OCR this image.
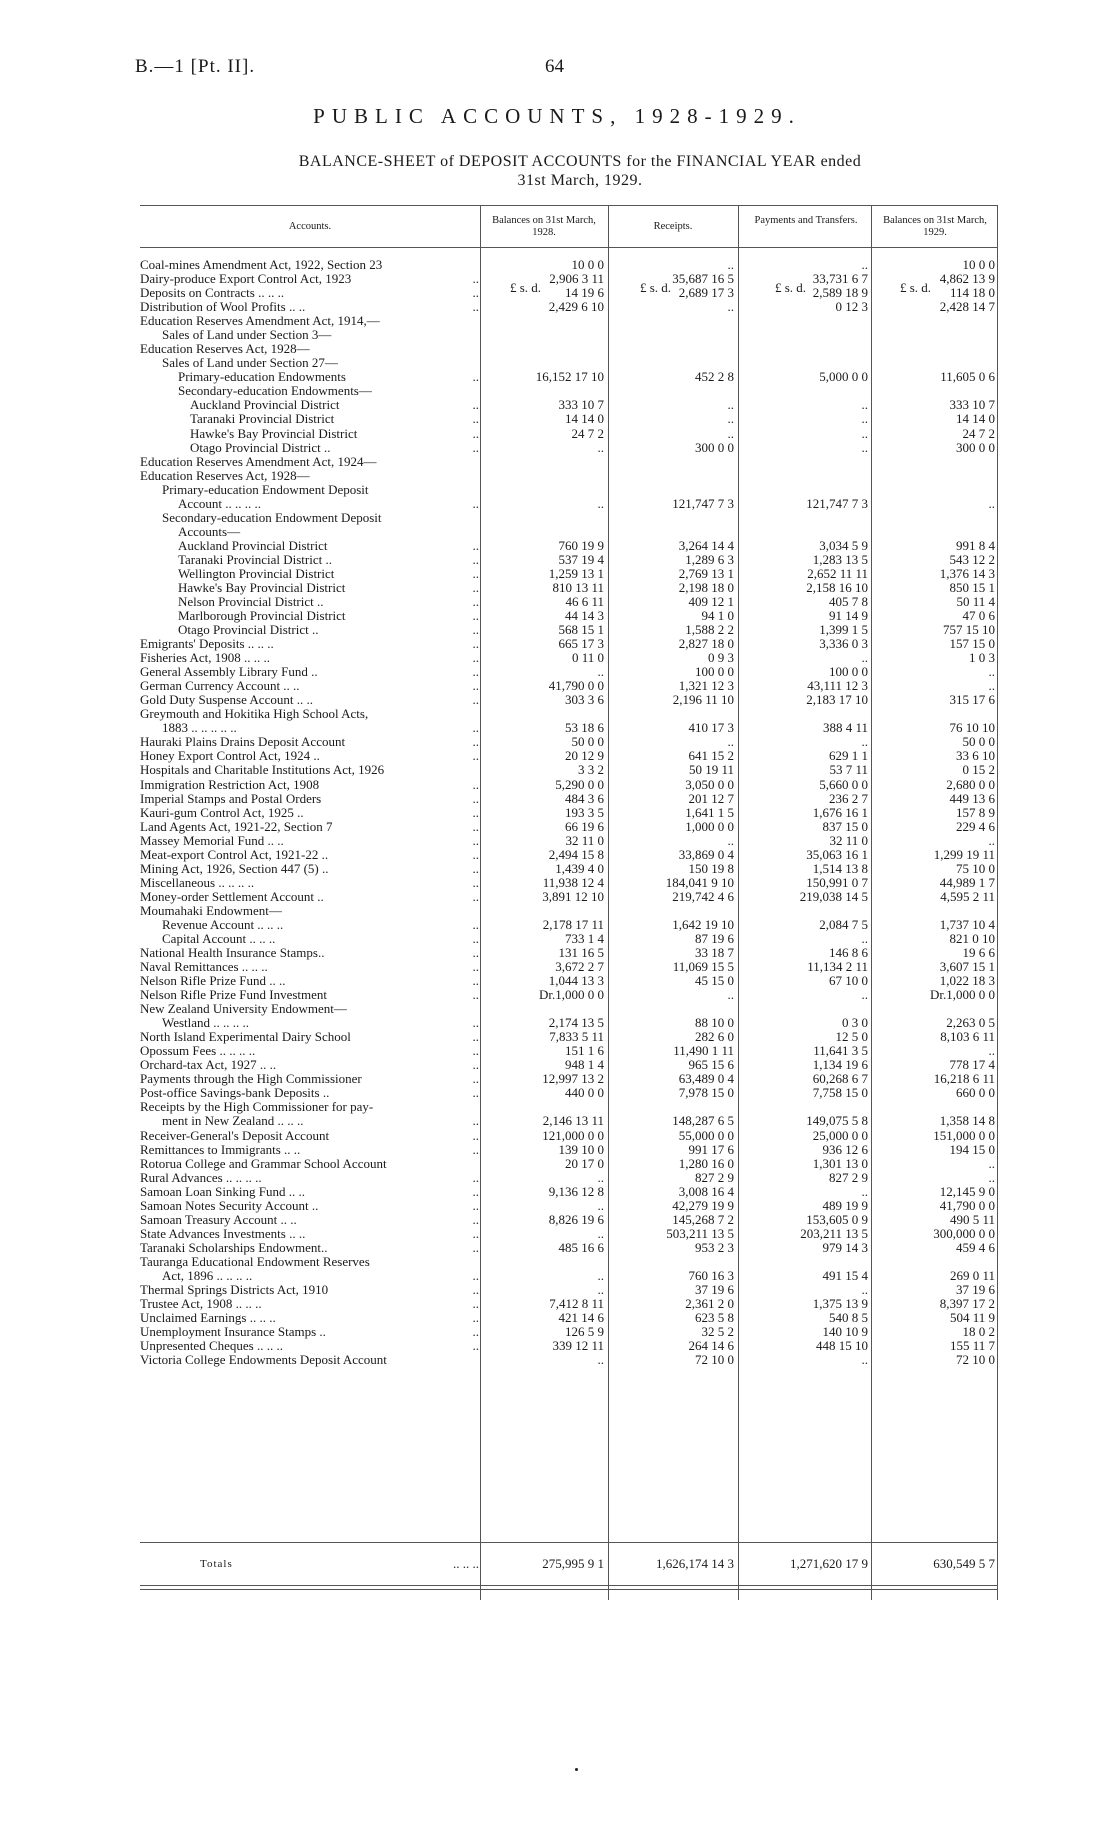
B.—1 [Pt. II].	64
PUBLIC ACCOUNTS, 1928-1929.
BALANCE-SHEET of DEPOSIT ACCOUNTS for the FINANCIAL YEAR ended
31st March, 1929.
Accounts.
Balances on 31st March, 1928.
Receipts.
Payments and Transfers.	Balances on 31st March, 1929.
£ s. d.	£ s. d.	£ s. d.	£ s. d.
Coal-mines Amendment Act, 1922, Section 23	10 0 0	..	..	10 0 0
Dairy-produce Export Control Act, 1923	..	2,906 3 11	35,687 16 5	33,731 6 7	4,862 13 9
Deposits on Contracts .. .. ..	..	14 19 6	2,689 17 3	2,589 18 9	114 18 0
Distribution of Wool Profits .. ..	..	2,429 6 10	..	0 12 3	2,428 14 7
Education Reserves Amendment Act, 1914,—
Sales of Land under Section 3—
Education Reserves Act, 1928—
Sales of Land under Section 27—
Primary-education Endowments	..	16,152 17 10	452 2 8	5,000 0 0	11,605 0 6
Secondary-education Endowments—
Auckland Provincial District	..	333 10 7	..	..	333 10 7
Taranaki Provincial District	..	14 14 0	..	..	14 14 0
Hawke's Bay Provincial District	..	24 7 2	..	..	24 7 2
Otago Provincial District ..	..	..	300 0 0	..	300 0 0
Education Reserves Amendment Act, 1924—
Education Reserves Act, 1928—
Primary-education Endowment Deposit
Account .. .. .. ..	..	..	121,747 7 3	121,747 7 3	..
Secondary-education Endowment Deposit
Accounts—
Auckland Provincial District	..	760 19 9	3,264 14 4	3,034 5 9	991 8 4
Taranaki Provincial District ..	..	537 19 4	1,289 6 3	1,283 13 5	543 12 2
Wellington Provincial District	..	1,259 13 1	2,769 13 1	2,652 11 11	1,376 14 3
Hawke's Bay Provincial District	..	810 13 11	2,198 18 0	2,158 16 10	850 15 1
Nelson Provincial District ..	..	46 6 11	409 12 1	405 7 8	50 11 4
Marlborough Provincial District	..	44 14 3	94 1 0	91 14 9	47 0 6
Otago Provincial District ..	..	568 15 1	1,588 2 2	1,399 1 5	757 15 10
Emigrants' Deposits .. .. ..	..	665 17 3	2,827 18 0	3,336 0 3	157 15 0
Fisheries Act, 1908 .. .. ..	..	0 11 0	0 9 3	..	1 0 3
General Assembly Library Fund ..	..	..	100 0 0	100 0 0	..
German Currency Account .. ..	..	41,790 0 0	1,321 12 3	43,111 12 3	..
Gold Duty Suspense Account .. ..	..	303 3 6	2,196 11 10	2,183 17 10	315 17 6
Greymouth and Hokitika High School Acts,
1883 .. .. .. .. ..	..	53 18 6	410 17 3	388 4 11	76 10 10
Hauraki Plains Drains Deposit Account	..	50 0 0	..	..	50 0 0
Honey Export Control Act, 1924 ..	..	20 12 9	641 15 2	629 1 1	33 6 10
Hospitals and Charitable Institutions Act, 1926	3 3 2	50 19 11	53 7 11	0 15 2
Immigration Restriction Act, 1908	..	5,290 0 0	3,050 0 0	5,660 0 0	2,680 0 0
Imperial Stamps and Postal Orders	..	484 3 6	201 12 7	236 2 7	449 13 6
Kauri-gum Control Act, 1925 ..	..	193 3 5	1,641 1 5	1,676 16 1	157 8 9
Land Agents Act, 1921-22, Section 7	..	66 19 6	1,000 0 0	837 15 0	229 4 6
Massey Memorial Fund .. ..	..	32 11 0	..	32 11 0	..
Meat-export Control Act, 1921-22 ..	..	2,494 15 8	33,869 0 4	35,063 16 1	1,299 19 11
Mining Act, 1926, Section 447 (5) ..	..	1,439 4 0	150 19 8	1,514 13 8	75 10 0
Miscellaneous .. .. .. ..	..	11,938 12 4	184,041 9 10	150,991 0 7	44,989 1 7
Money-order Settlement Account ..	..	3,891 12 10	219,742 4 6	219,038 14 5	4,595 2 11
Moumahaki Endowment—
Revenue Account .. .. ..	..	2,178 17 11	1,642 19 10	2,084 7 5	1,737 10 4
Capital Account .. .. ..	..	733 1 4	87 19 6	..	821 0 10
National Health Insurance Stamps..	..	131 16 5	33 18 7	146 8 6	19 6 6
Naval Remittances .. .. ..	..	3,672 2 7	11,069 15 5	11,134 2 11	3,607 15 1
Nelson Rifle Prize Fund .. ..	..	1,044 13 3	45 15 0	67 10 0	1,022 18 3
Nelson Rifle Prize Fund Investment	..	Dr.1,000 0 0	..	..	Dr.1,000 0 0
New Zealand University Endowment—
Westland .. .. .. ..	..	2,174 13 5	88 10 0	0 3 0	2,263 0 5
North Island Experimental Dairy School	..	7,833 5 11	282 6 0	12 5 0	8,103 6 11
Opossum Fees .. .. .. ..	..	151 1 6	11,490 1 11	11,641 3 5	..
Orchard-tax Act, 1927 .. ..	..	948 1 4	965 15 6	1,134 19 6	778 17 4
Payments through the High Commissioner	..	12,997 13 2	63,489 0 4	60,268 6 7	16,218 6 11
Post-office Savings-bank Deposits ..	..	440 0 0	7,978 15 0	7,758 15 0	660 0 0
Receipts by the High Commissioner for pay-
ment in New Zealand .. .. ..	..	2,146 13 11	148,287 6 5	149,075 5 8	1,358 14 8
Receiver-General's Deposit Account	..	121,000 0 0	55,000 0 0	25,000 0 0	151,000 0 0
Remittances to Immigrants .. ..	..	139 10 0	991 17 6	936 12 6	194 15 0
Rotorua College and Grammar School Account	20 17 0	1,280 16 0	1,301 13 0	..
Rural Advances .. .. .. ..	..	..	827 2 9	827 2 9	..
Samoan Loan Sinking Fund .. ..	..	9,136 12 8	3,008 16 4	..	12,145 9 0
Samoan Notes Security Account ..	..	..	42,279 19 9	489 19 9	41,790 0 0
Samoan Treasury Account .. ..	..	8,826 19 6	145,268 7 2	153,605 0 9	490 5 11
State Advances Investments .. ..	..	..	503,211 13 5	203,211 13 5	300,000 0 0
Taranaki Scholarships Endowment..	..	485 16 6	953 2 3	979 14 3	459 4 6
Tauranga Educational Endowment Reserves
Act, 1896 .. .. .. ..	..	..	760 16 3	491 15 4	269 0 11
Thermal Springs Districts Act, 1910	..	..	37 19 6	..	37 19 6
Trustee Act, 1908 .. .. ..	..	7,412 8 11	2,361 2 0	1,375 13 9	8,397 17 2
Unclaimed Earnings .. .. ..	..	421 14 6	623 5 8	540 8 5	504 11 9
Unemployment Insurance Stamps ..	..	126 5 9	32 5 2	140 10 9	18 0 2
Unpresented Cheques .. .. ..	..	339 12 11	264 14 6	448 15 10	155 11 7
Victoria College Endowments Deposit Account	..	72 10 0	..	72 10 0
Totals	.. .. ..	275,995 9 1	1,626,174 14 3	1,271,620 17 9	630,549 5 7
